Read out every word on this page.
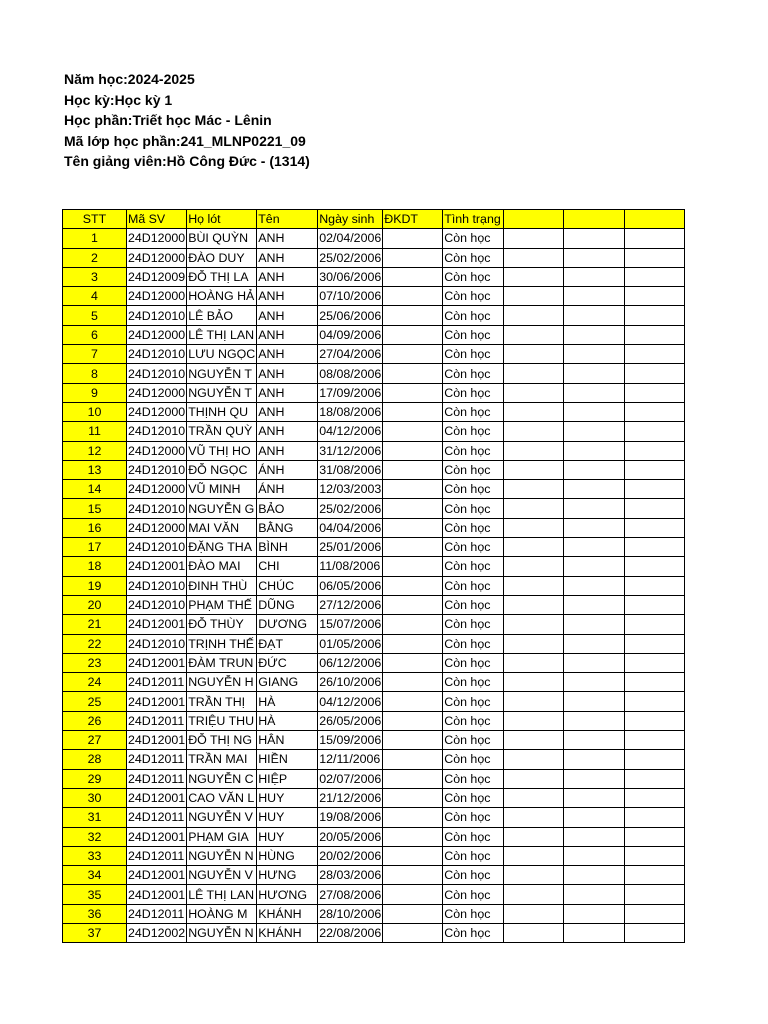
Năm học:2024-2025
Học kỳ:Học kỳ 1
Học phần:Triết học Mác - Lênin
Mã lớp học phần:241_MLNP0221_09
Tên giảng viên:Hồ Công Đức - (1314)
STT	Mã SV	Họ lót	Tên	Ngày sinh	ĐKDT	Tình trạng			
1	24D12000	BÙI QUỲN	ANH	02/04/2006		Còn học			
2	24D12000	ĐÀO DUY	ANH	25/02/2006		Còn học			
3	24D12009	ĐỖ THỊ LA	ANH	30/06/2006		Còn học			
4	24D12000	HOÀNG HẢ	ANH	07/10/2006		Còn học			
5	24D12010	LÊ BẢO	ANH	25/06/2006		Còn học			
6	24D12000	LÊ THỊ LAN	ANH	04/09/2006		Còn học			
7	24D12010	LƯU NGỌC	ANH	27/04/2006		Còn học			
8	24D12010	NGUYỄN T	ANH	08/08/2006		Còn học			
9	24D12000	NGUYỄN T	ANH	17/09/2006		Còn học			
10	24D12000	THỊNH QU	ANH	18/08/2006		Còn học			
11	24D12010	TRẦN QUỲ	ANH	04/12/2006		Còn học			
12	24D12000	VŨ THỊ HO	ANH	31/12/2006		Còn học			
13	24D12010	ĐỖ NGỌC	ÁNH	31/08/2006		Còn học			
14	24D12000	VŨ MINH	ÁNH	12/03/2003		Còn học			
15	24D12010	NGUYỄN G	BẢO	25/02/2006		Còn học			
16	24D12000	MAI VĂN	BẰNG	04/04/2006		Còn học			
17	24D12010	ĐẶNG THA	BÌNH	25/01/2006		Còn học			
18	24D12001	ĐÀO MAI	CHI	11/08/2006		Còn học			
19	24D12010	ĐINH THÙ	CHÚC	06/05/2006		Còn học			
20	24D12010	PHẠM THẾ	DŨNG	27/12/2006		Còn học			
21	24D12001	ĐỖ THÙY	DƯƠNG	15/07/2006		Còn học			
22	24D12010	TRỊNH THẾ	ĐẠT	01/05/2006		Còn học			
23	24D12001	ĐÀM TRUN	ĐỨC	06/12/2006		Còn học			
24	24D12011	NGUYỄN H	GIANG	26/10/2006		Còn học			
25	24D12001	TRẦN THỊ	HÀ	04/12/2006		Còn học			
26	24D12011	TRIỆU THU	HÀ	26/05/2006		Còn học			
27	24D12001	ĐỖ THỊ NG	HÂN	15/09/2006		Còn học			
28	24D12011	TRẦN MAI	HIỀN	12/11/2006		Còn học			
29	24D12011	NGUYỄN C	HIỆP	02/07/2006		Còn học			
30	24D12001	CAO VĂN L	HUY	21/12/2006		Còn học			
31	24D12011	NGUYỄN V	HUY	19/08/2006		Còn học			
32	24D12001	PHẠM GIA	HUY	20/05/2006		Còn học			
33	24D12011	NGUYỄN N	HÙNG	20/02/2006		Còn học			
34	24D12001	NGUYỄN V	HƯNG	28/03/2006		Còn học			
35	24D12001	LÊ THỊ LAN	HƯƠNG	27/08/2006		Còn học			
36	24D12011	HOÀNG M	KHÁNH	28/10/2006		Còn học			
37	24D12002	NGUYỄN N	KHÁNH	22/08/2006		Còn học			
